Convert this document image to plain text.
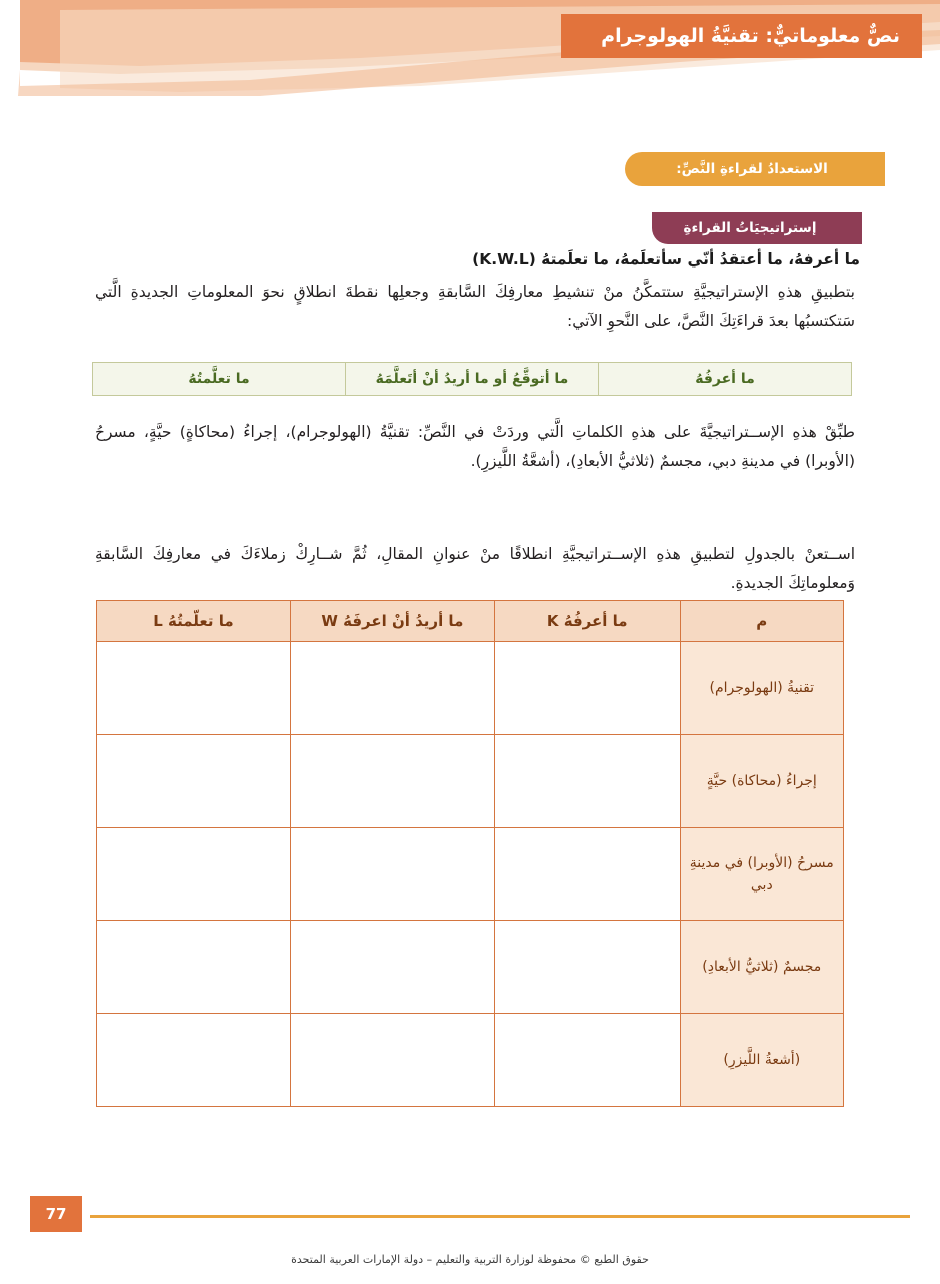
نصٌّ معلوماتيٌّ: تقنيَّةُ الهولوجرام
الاستعدادُ لقراءةِ النَّصِّ:
إستراتيجيَاتُ القراءةِ
ما أعرفهُ، ما أعتقدُ أنّي سأتعلَمهُ، ما تعلَمتهُ (K.W.L)
بتطبيقِ هذهِ الإستراتيجيَّةِ ستتمكَّنُ منْ تنشيطِ معارفِكَ السَّابقةِ وجعلِها نقطةَ انطلاقٍ نحوَ المعلوماتِ الجديدةِ الَّتي سَتكتسبُها بعدَ قراءَتِكَ النَّصَّ، على النَّحوِ الآتي:
ما أعرفُهُ	ما أتوقَّعُ أو ما أريدُ أنْ أتَعلَّمَهُ	ما تعلَّمتُهُ
طبِّقْ هذهِ الإســتراتيجيَّةَ على هذهِ الكلماتِ الَّتي وردَتْ في النَّصِّ: تقنيَّةُ (الهولوجرام)، إجراءُ (محاكاةٍ) حيَّةٍ، مسرحُ (الأوبرا) في مدينةِ دبي، مجسمٌ (ثلاثيُّ الأبعادِ)، (أشعَّةُ اللَّيزرِ).
اســتعنْ بالجدولِ لتطبيقِ هذهِ الإســتراتيجيَّةِ انطلاقًا منْ عنوانِ المقالِ، ثُمَّ شــارِكْ زملاءَكَ في معارفِكَ السَّابقةِ وَمعلوماتِكَ الجديدةِ.
م	ما أعرفُهُ K	ما أريدُ أنْ اعرفَهُ W	ما تعلّمتُهُ L
تقنيةُ (الهولوجرام)			
إجراءُ (محاكاة) حيَّةٍ			
مسرحُ (الأوبرا) في مدينةِ دبي			
مجسمٌ (ثلاثيُّ الأبعادِ)			
(أشعةُ اللَّيزرِ)			
77
حقوق الطبع © محفوظة لوزارة التربية والتعليم – دولة الإمارات العربية المتحدة
